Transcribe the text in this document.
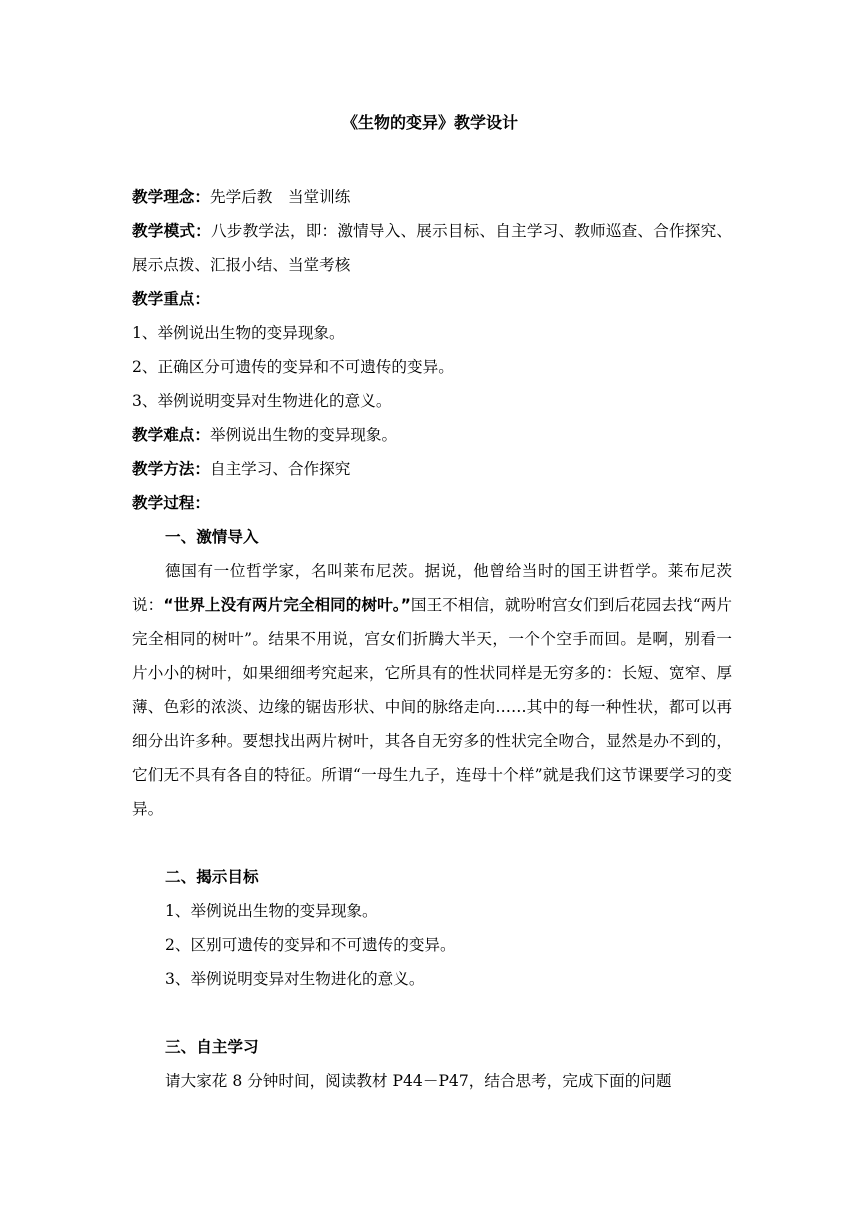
《生物的变异》教学设计

教学理念：先学后教　当堂训练

教学模式：八步教学法，即：激情导入、展示目标、自主学习、教师巡查、合作探究、展示点拨、汇报小结、当堂考核

教学重点：

1、举例说出生物的变异现象。

2、正确区分可遗传的变异和不可遗传的变异。

3、举例说明变异对生物进化的意义。

教学难点：举例说出生物的变异现象。

教学方法：自主学习、合作探究

教学过程：

一、激情导入

德国有一位哲学家，名叫莱布尼茨。据说，他曾给当时的国王讲哲学。莱布尼茨说：“世界上没有两片完全相同的树叶。”国王不相信，就吩咐宫女们到后花园去找“两片完全相同的树叶”。结果不用说，宫女们折腾大半天，一个个空手而回。是啊，别看一片小小的树叶，如果细细考究起来，它所具有的性状同样是无穷多的：长短、宽窄、厚薄、色彩的浓淡、边缘的锯齿形状、中间的脉络走向……其中的每一种性状，都可以再细分出许多种。要想找出两片树叶，其各自无穷多的性状完全吻合，显然是办不到的，它们无不具有各自的特征。所谓“一母生九子，连母十个样”就是我们这节课要学习的变异。

二、揭示目标

1、举例说出生物的变异现象。

2、区别可遗传的变异和不可遗传的变异。

3、举例说明变异对生物进化的意义。

三、自主学习

请大家花 8 分钟时间，阅读教材 P44－P47，结合思考，完成下面的问题
